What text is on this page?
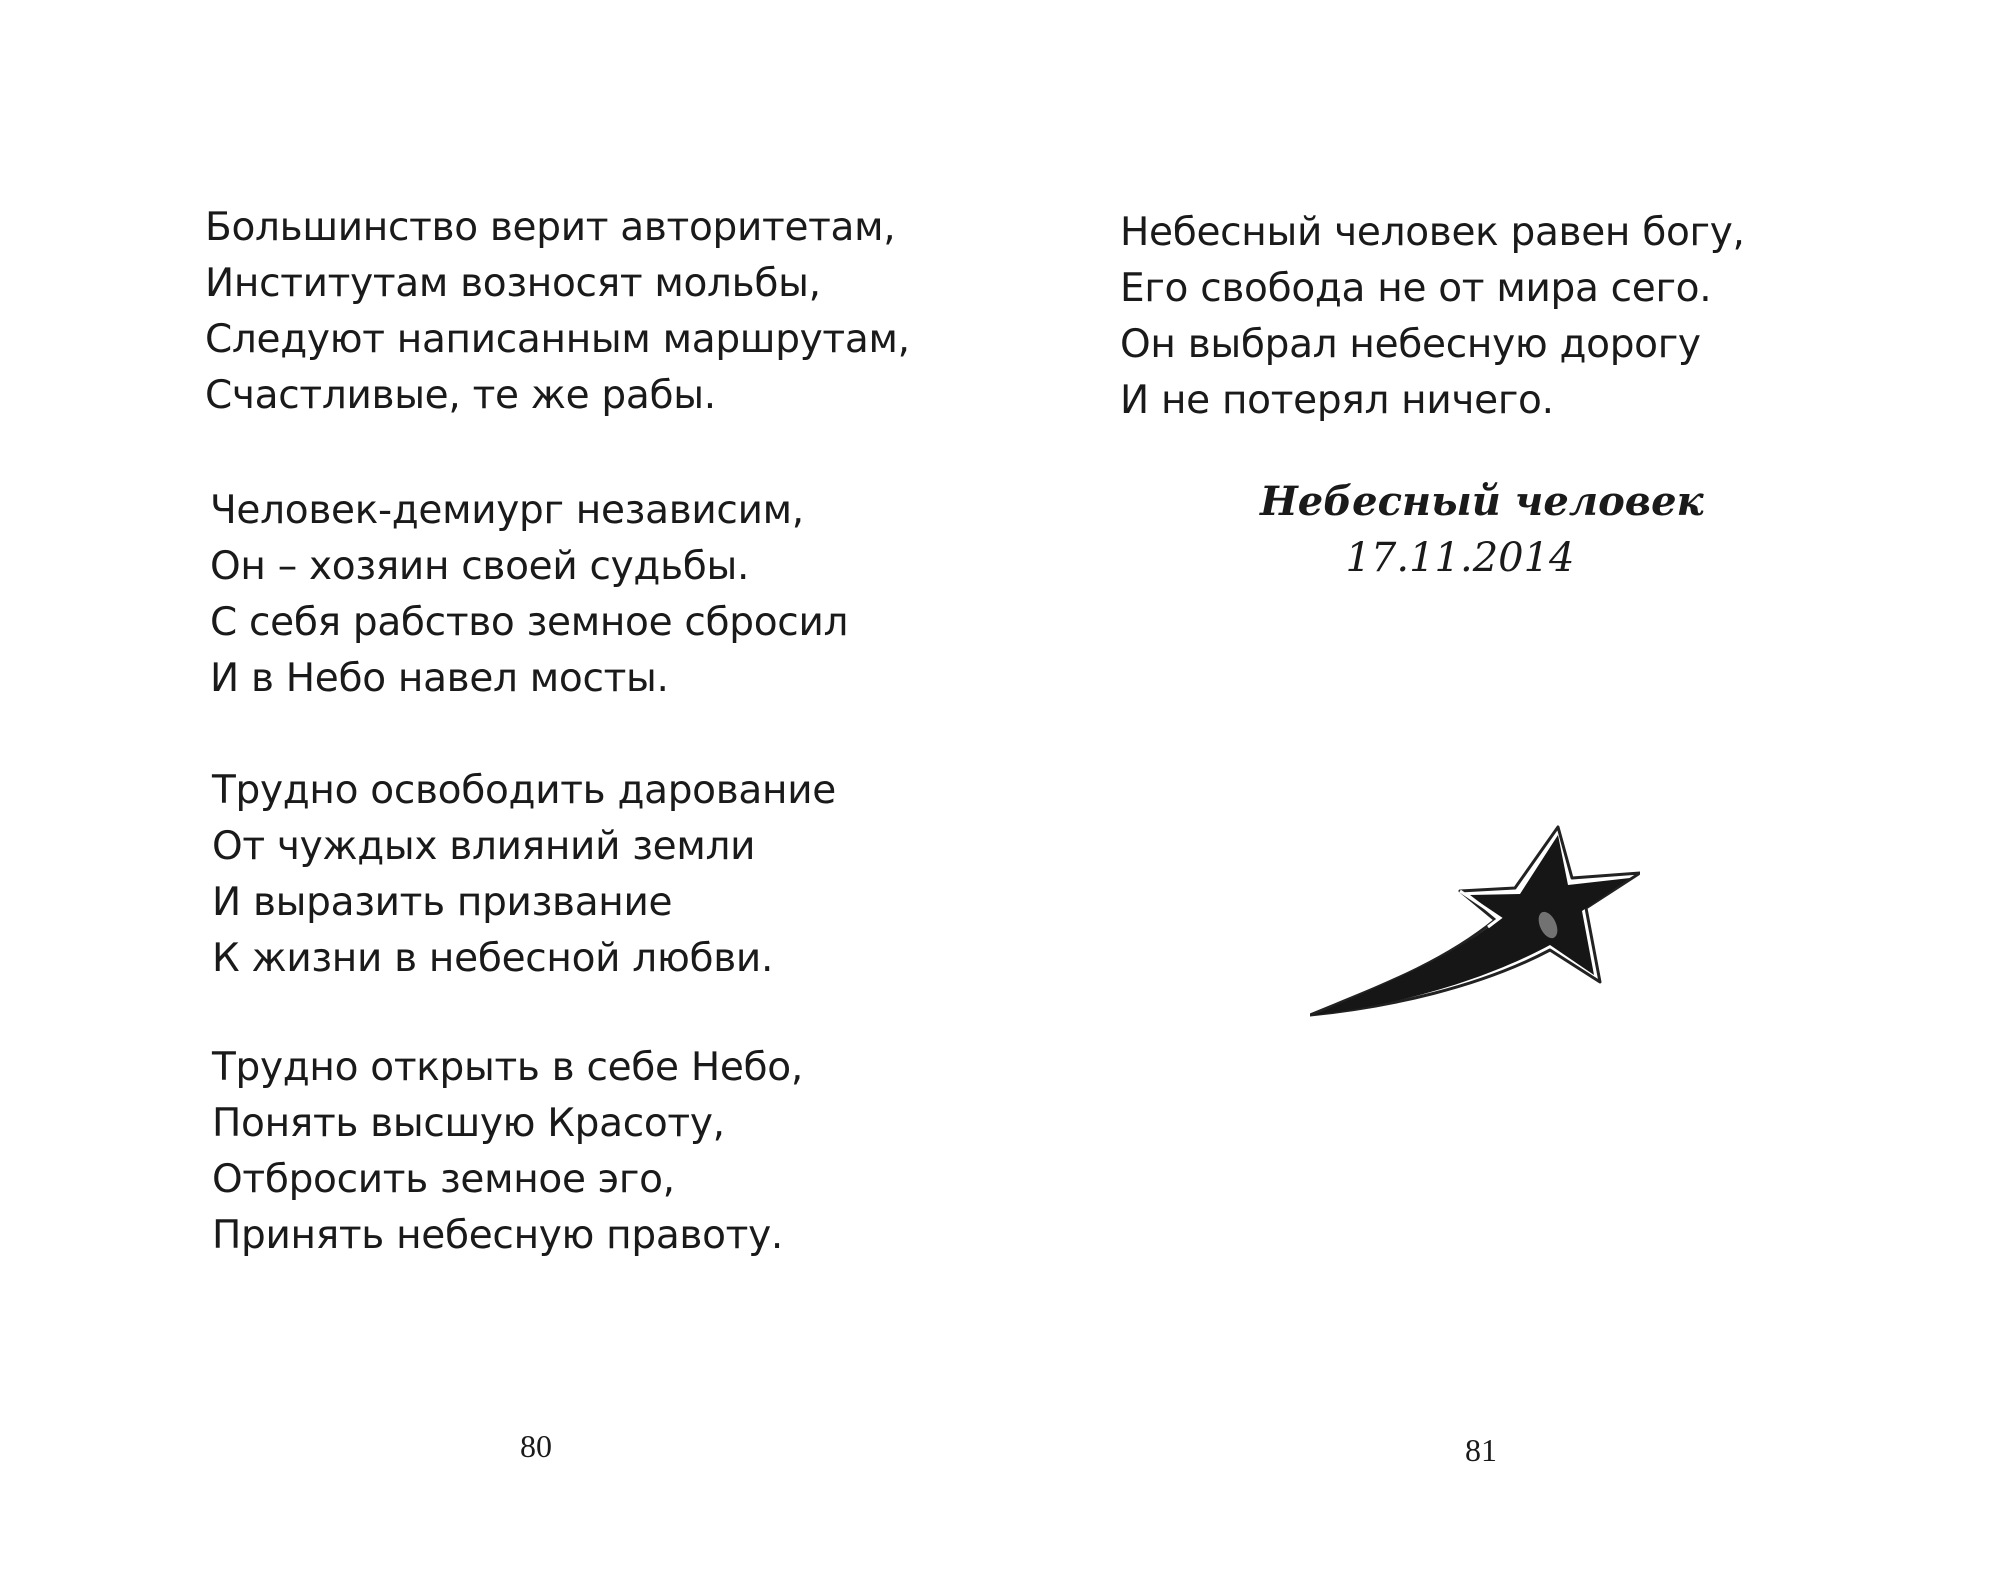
Большинство верит авторитетам,
Институтам возносят мольбы,
Следуют написанным маршрутам,
Счастливые, те же рабы.
Человек-демиург независим,
Он – хозяин своей судьбы.
С себя рабство земное сбросил
И в Небо навел мосты.
Трудно освободить дарование
От чуждых влияний земли
И выразить призвание
К жизни в небесной любви.
Трудно открыть в себе Небо,
Понять высшую Красоту,
Отбросить земное эго,
Принять небесную правоту.
80
Небесный человек равен богу,
Его свобода не от мира сего.
Он выбрал небесную дорогу
И не потерял ничего.
Небесный человек
17.11.2014
81
